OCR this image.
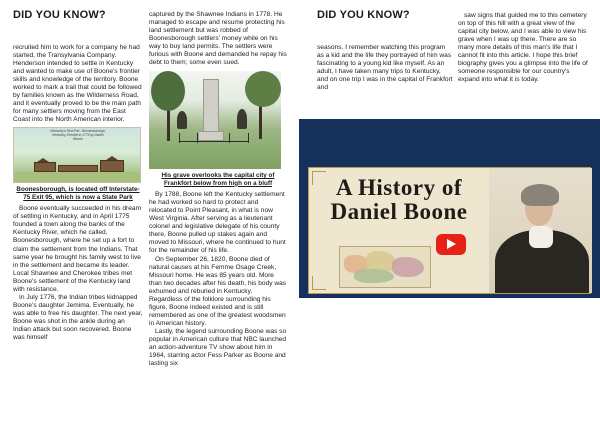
DID YOU KNOW?

recruited him to work for a company he had started, the Transylvania Company. Henderson intended to settle in Kentucky and wanted to make use of Boone's frontier skills and knowledge of the territory. Boone worked to mark a trail that could be followed by families known as the Wilderness Road, and it eventually proved to be the main path for many settlers moving from the East Coast into the North American interior.

Kentucky's First Fort - Boonesborough, Kentucky, Erected in 1775 by Daniel Boone
Boonesborough, is located off Interstate-75 Exit 95, which is now a State Park

Boone eventually succeeded in his dream of settling in Kentucky, and in April 1775 founded a town along the banks of the Kentucky River, which he called, Boonesborough, where he set up a fort to claim the settlement from the Indians. That same year he brought his family west to live in the settlement and became its leader. Local Shawnee and Cherokee tribes met Boone's settlement of the Kentucky land with resistance.

In July 1776, the Indian tribes kidnapped Boone's daughter Jemima. Eventually, he was able to free his daughter. The next year, Boone was shot in the ankle during an Indian attack but soon recovered. Boone was himself

captured by the Shawnee Indians in 1778. He managed to escape and resume protecting his land settlement but was robbed of Boonesborough settlers' money while on his way to buy land permits. The settlers were furious with Boone and demanded he repay his debt to them; some even sued.

His grave overlooks the capital city of Frankfort below from high on a bluff

By 1788, Boone left the Kentucky settlement he had worked so hard to protect and relocated to Point Pleasant, in what is now West Virginia. After serving as a lieutenant colonel and legislative delegate of his county there, Boone pulled up stakes again and moved to Missouri, where he continued to hunt for the remainder of his life.

On September 26, 1820, Boone died of natural causes at his Femme Osage Creek, Missouri home. He was 85 years old. More than two decades after his death, his body was exhumed and reburied in Kentucky. Regardless of the folklore surrounding his figure, Boone indeed existed and is still remembered as one of the greatest woodsmen in American history.

Lastly, the legend surrounding Boone was so popular in American culture that NBC launched an action-adventure TV show about him in 1964, starring actor Fess Parker as Boone and lasting six

DID YOU KNOW?

seasons. I remember watching this program as a kid and the life they portrayed of him was fascinating to a young kid like myself. As an adult, I have taken many trips to Kentucky, and on one trip I was in the capital of Frankfort and

saw signs that guided me to this cemetery on top of this hill with a great view of the capital city below, and I was able to view his grave when I was up there. There are so many more details of this man's life that I cannot fit into this article. I hope this brief biography gives you a glimpse into the life of someone responsible for our country's expand into what it is today.

A History of Daniel Boone
